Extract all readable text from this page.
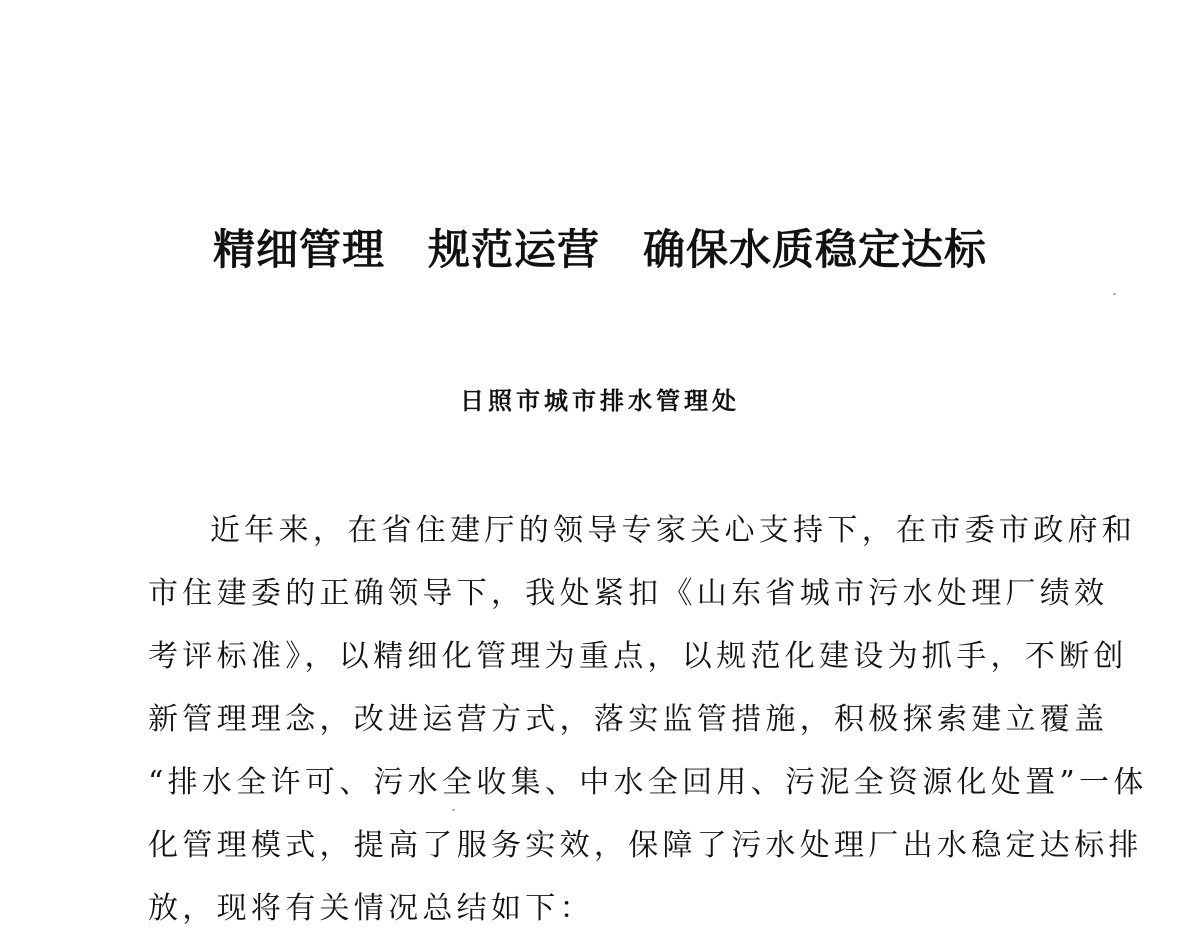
精细管理　规范运营　确保水质稳定达标
日照市城市排水管理处
近年来，在省住建厅的领导专家关心支持下，在市委市政府和
市住建委的正确领导下，我处紧扣《山东省城市污水处理厂绩效
考评标准》，以精细化管理为重点，以规范化建设为抓手，不断创
新管理理念，改进运营方式，落实监管措施，积极探索建立覆盖
“排水全许可、污水全收集、中水全回用、污泥全资源化处置”一体
化管理模式，提高了服务实效，保障了污水处理厂出水稳定达标排
放，现将有关情况总结如下：
